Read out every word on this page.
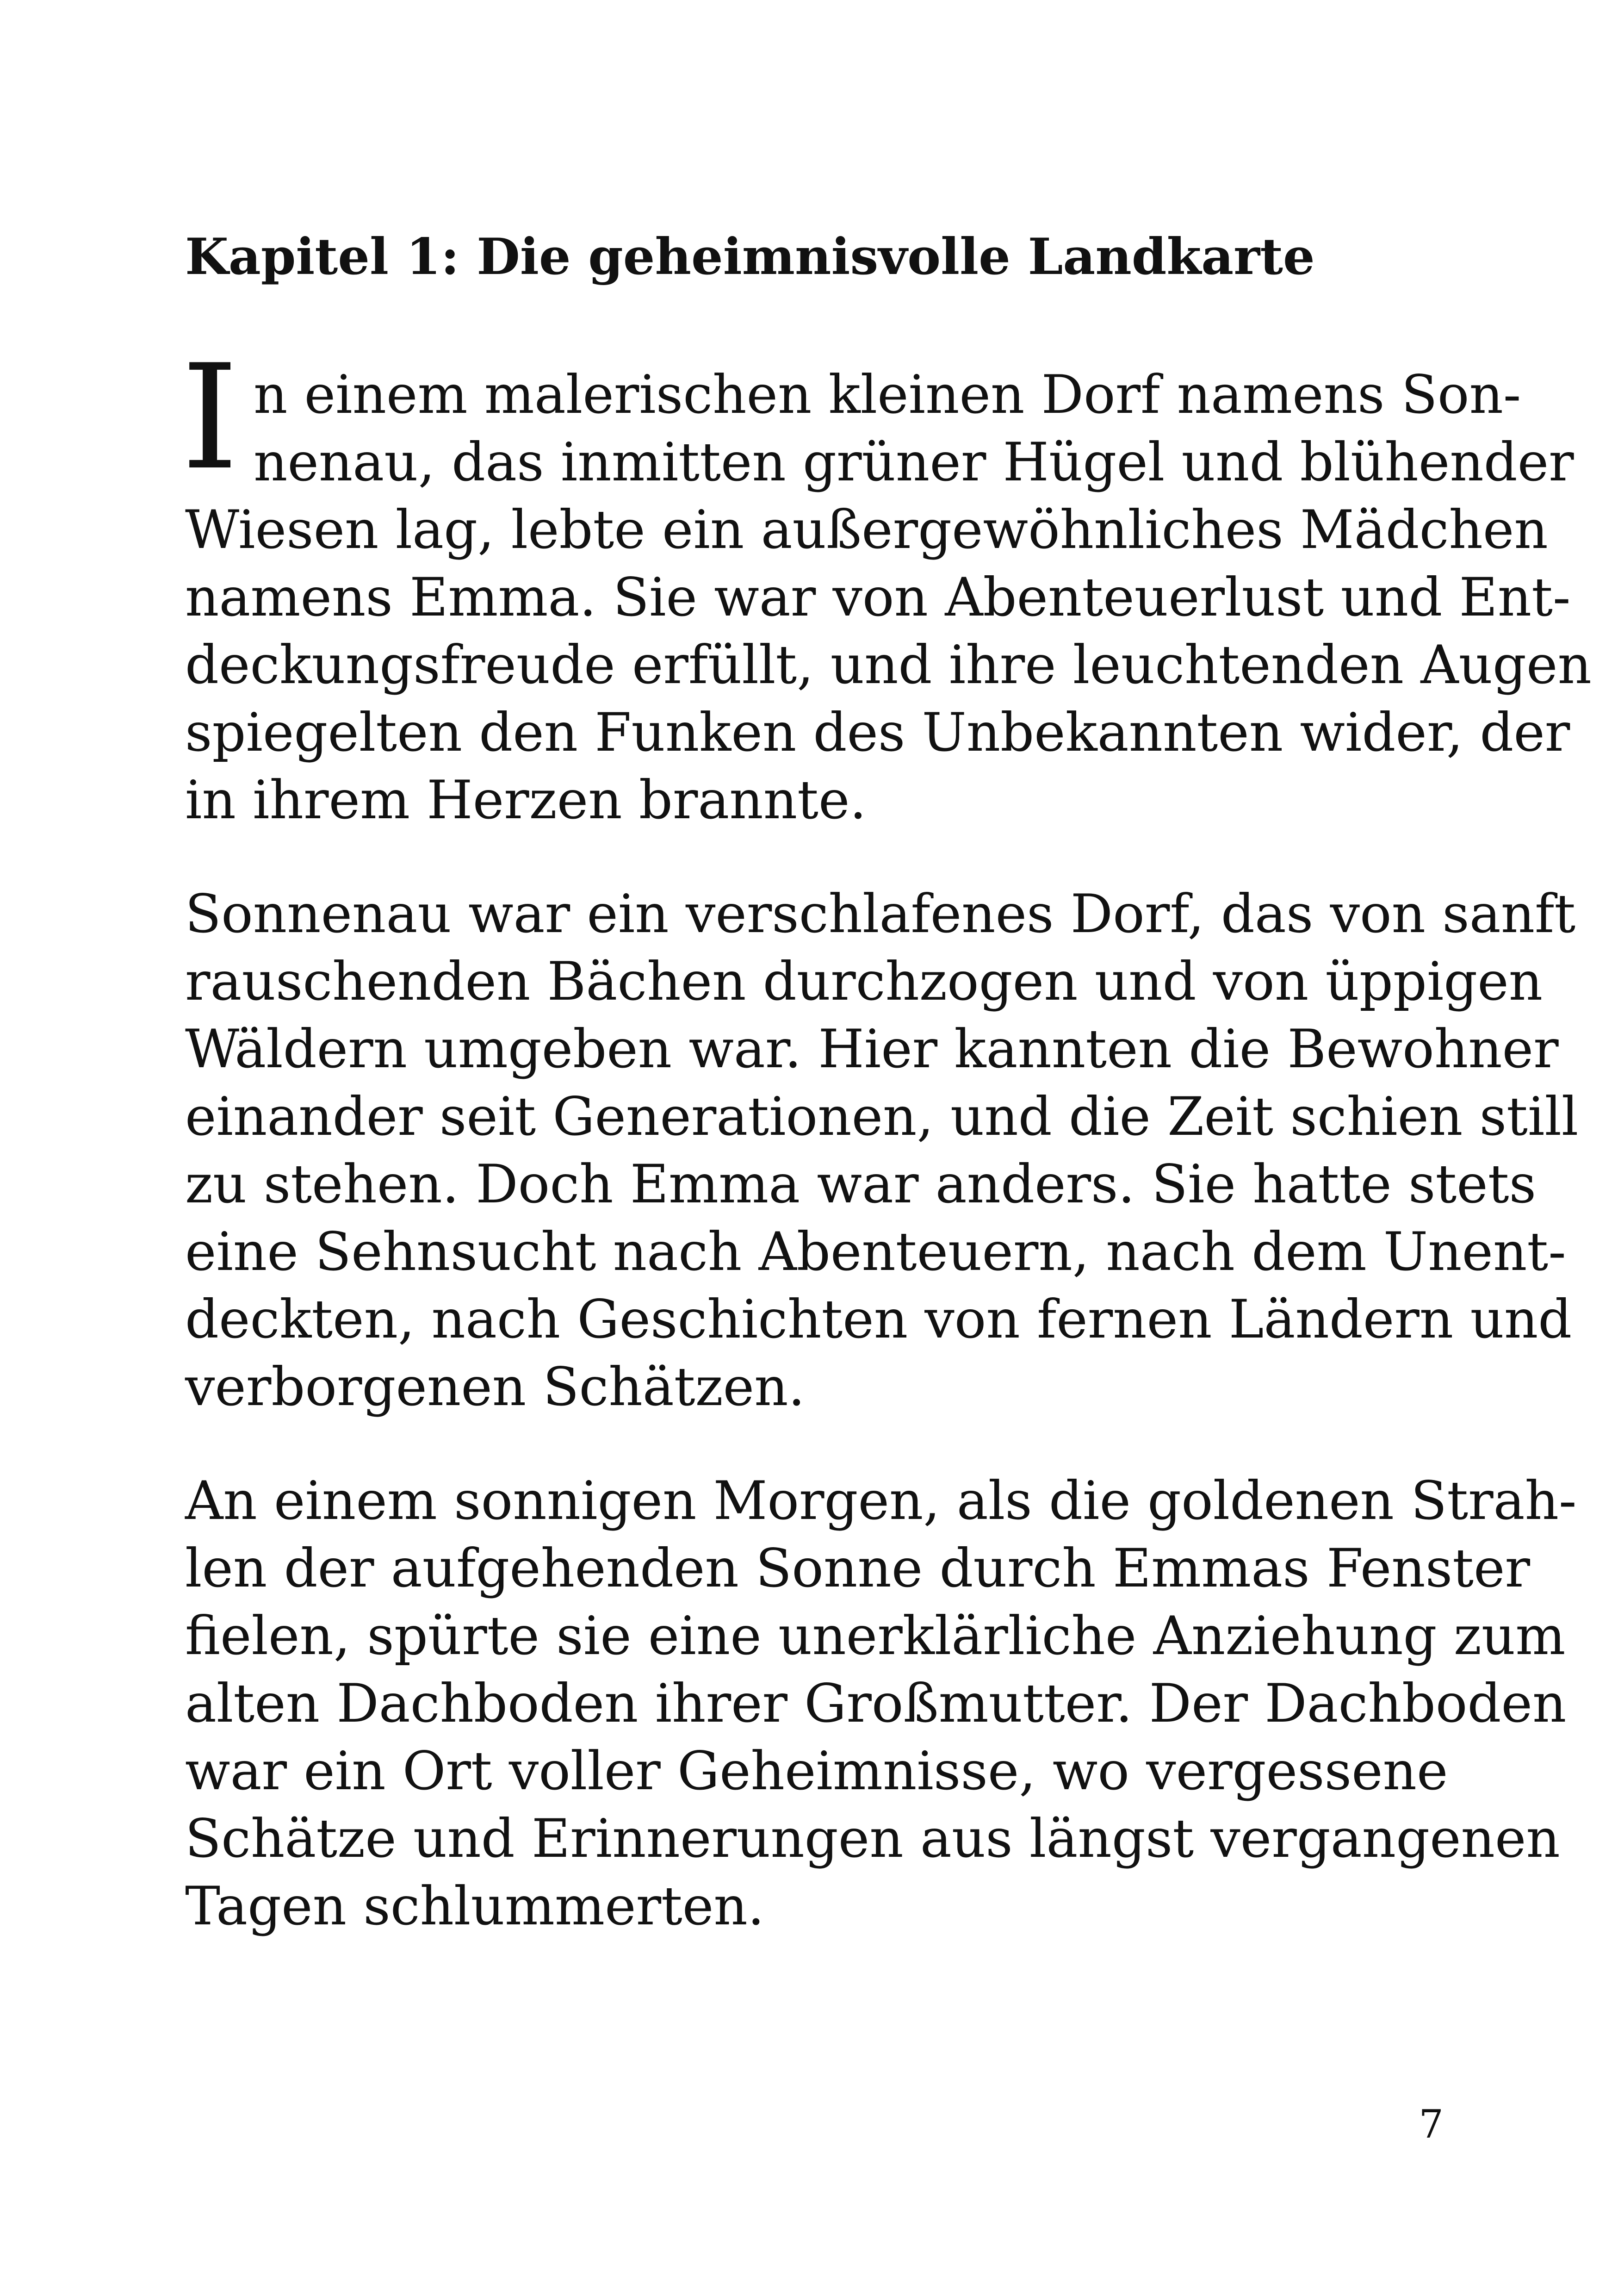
Kapitel 1: Die geheimnisvolle Landkarte
I n einem malerischen kleinen Dorf namens Son-

nenau, das inmitten grüner Hügel und blühender

Wiesen lag, lebte ein außergewöhnliches Mädchen

namens Emma. Sie war von Abenteuerlust und Ent-

deckungsfreude erfüllt, und ihre leuchtenden Augen

spiegelten den Funken des Unbekannten wider, der

in ihrem Herzen brannte.

Sonnenau war ein verschlafenes Dorf, das von sanft

rauschenden Bächen durchzogen und von üppigen

Wäldern umgeben war. Hier kannten die Bewohner

einander seit Generationen, und die Zeit schien still

zu stehen. Doch Emma war anders. Sie hatte stets

eine Sehnsucht nach Abenteuern, nach dem Unent-

deckten, nach Geschichten von fernen Ländern und

verborgenen Schätzen.

An einem sonnigen Morgen, als die goldenen Strah-

len der aufgehenden Sonne durch Emmas Fenster

fielen, spürte sie eine unerklärliche Anziehung zum

alten Dachboden ihrer Großmutter. Der Dachboden

war ein Ort voller Geheimnisse, wo vergessene

Schätze und Erinnerungen aus längst vergangenen

Tagen schlummerten.

7
